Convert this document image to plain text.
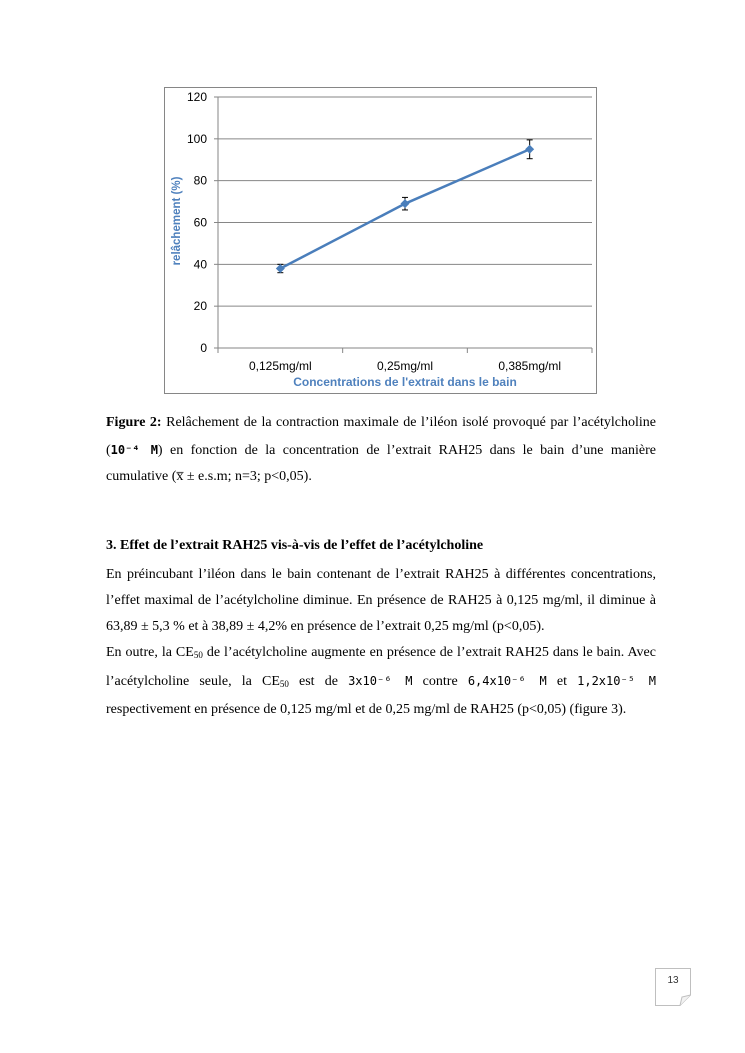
0
20
40
60
80
100
120
0,125mg/ml	0,25mg/ml	0,385mg/ml
relâchement (%)
Concentrations de l'extrait dans le bain
Figure 2: Relâchement de la contraction maximale de l’iléon isolé provoqué par l’acétylcholine (10⁻⁴ M) en fonction de la concentration de l’extrait RAH25 dans le bain d’une manière cumulative (x̅ ± e.s.m; n=3; p<0,05).
3. Effet de l’extrait RAH25 vis-à-vis de l’effet de l’acétylcholine

En préincubant l’iléon dans le bain contenant de l’extrait RAH25 à différentes concentrations, l’effet maximal de l’acétylcholine diminue. En présence de RAH25 à 0,125 mg/ml, il diminue à 63,89 ± 5,3 % et à 38,89 ± 4,2% en présence de l’extrait 0,25 mg/ml (p<0,05).

En outre, la $CE_{50}$ de l’acétylcholine augmente en présence de l’extrait RAH25 dans le bain. Avec l’acétylcholine seule, la $CE_{50}$ est de 3x10⁻⁶ M contre 6,4x10⁻⁶ M et 1,2x10⁻⁵ M respectivement en présence de 0,125 mg/ml et de 0,25 mg/ml de RAH25 (p<0,05) (figure 3).

13
